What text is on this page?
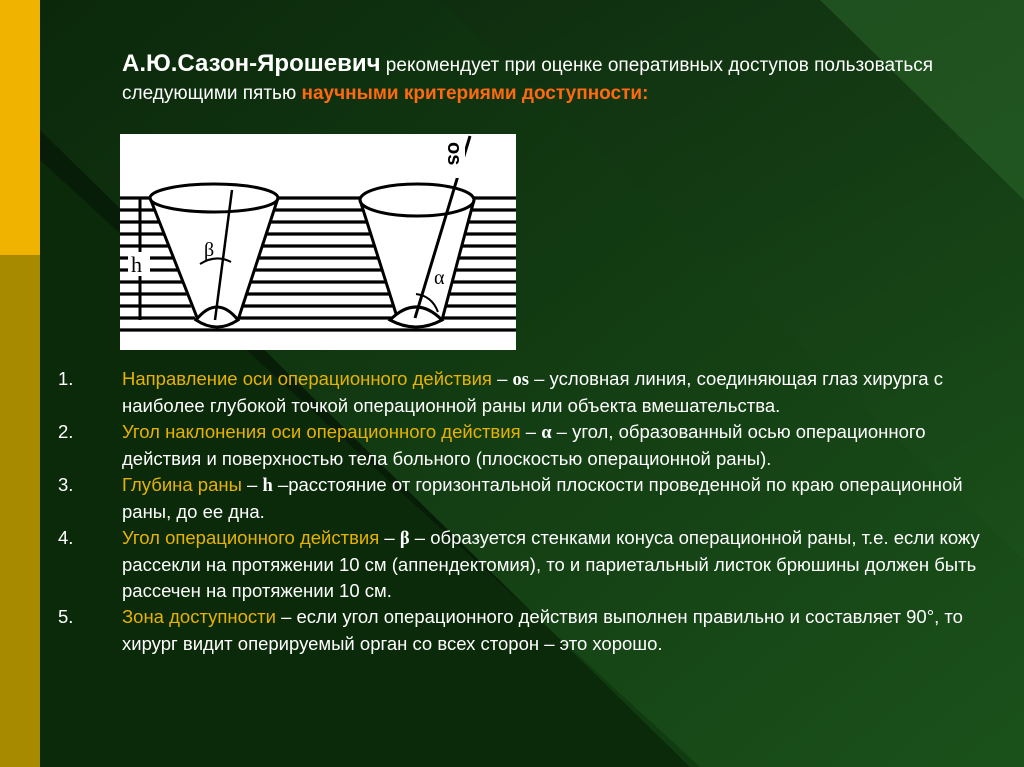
А.Ю.Сазон-Ярошевич рекомендует при оценке оперативных доступов пользоваться следующими пятью научными критериями доступности:
β
h
α
os
1.	Направление оси операционного действия – os – условная линия, соединяющая глаз хирурга с наиболее глубокой точкой операционной раны или объекта вмешательства.
2.	Угол наклонения оси операционного действия – α – угол, образованный осью операционного действия и поверхностью тела больного (плоскостью операционной раны).
3.	Глубина раны – h –расстояние от горизонтальной плоскости проведенной по краю операционной раны, до ее дна.
4.	Угол операционного действия – β – образуется стенками конуса операционной раны, т.е. если кожу рассекли на протяжении 10 см (аппендектомия), то и париетальный листок брюшины должен быть рассечен на протяжении 10 см.
5.	Зона доступности – если угол операционного действия выполнен правильно и составляет 90°, то хирург видит оперируемый орган со всех сторон – это хорошо.
